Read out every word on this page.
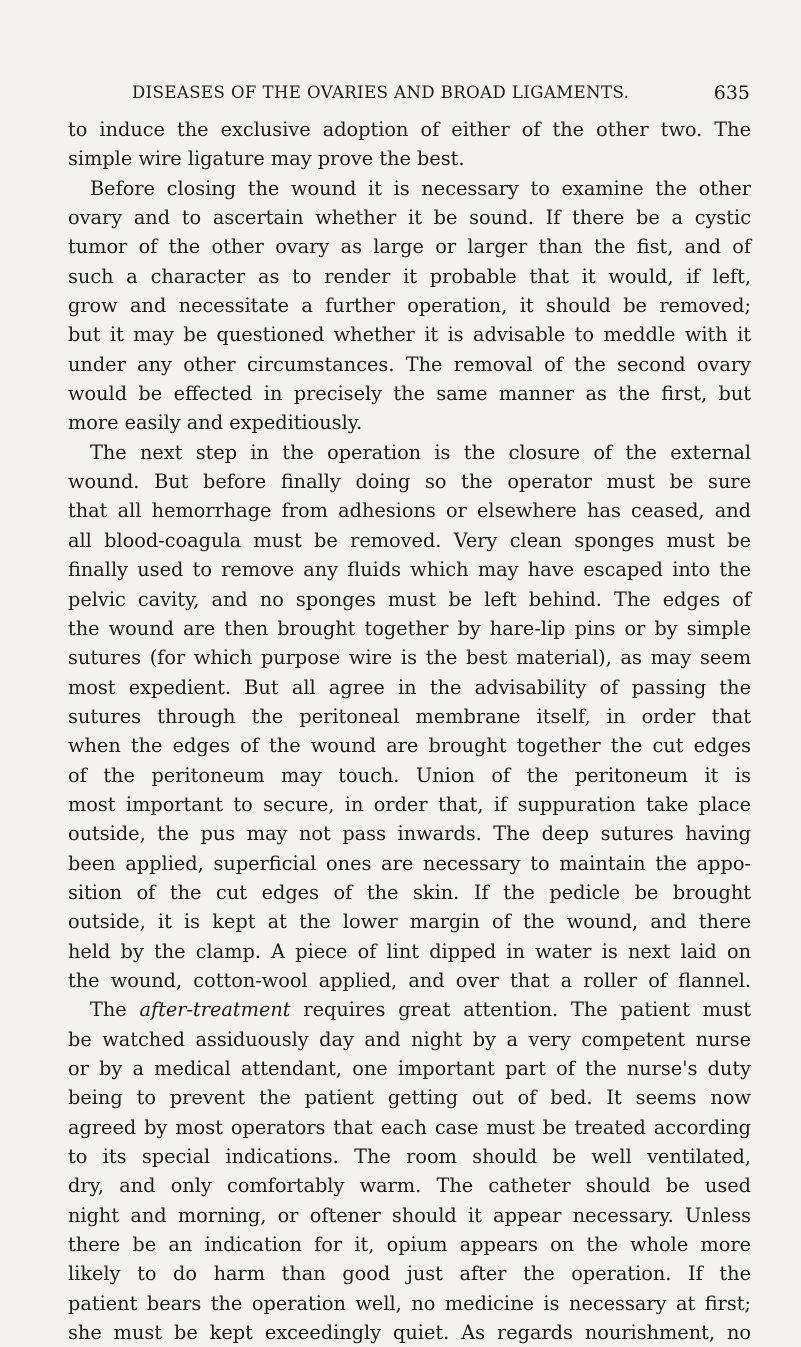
DISEASES OF THE OVARIES AND BROAD LIGAMENTS.	635
to induce the exclusive adoption of either of the other two. The
simple wire ligature may prove the best.
Before closing the wound it is necessary to examine the other
ovary and to ascertain whether it be sound. If there be a cystic
tumor of the other ovary as large or larger than the fist, and of
such a character as to render it probable that it would, if left,
grow and necessitate a further operation, it should be removed;
but it may be questioned whether it is advisable to meddle with it
under any other circumstances. The removal of the second ovary
would be effected in precisely the same manner as the first, but
more easily and expeditiously.
The next step in the operation is the closure of the external
wound. But before finally doing so the operator must be sure
that all hemorrhage from adhesions or elsewhere has ceased, and
all blood-coagula must be removed. Very clean sponges must be
finally used to remove any fluids which may have escaped into the
pelvic cavity, and no sponges must be left behind. The edges of
the wound are then brought together by hare-lip pins or by simple
sutures (for which purpose wire is the best material), as may seem
most expedient. But all agree in the advisability of passing the
sutures through the peritoneal membrane itself, in order that
when the edges of the wound are brought together the cut edges
of the peritoneum may touch. Union of the peritoneum it is
most important to secure, in order that, if suppuration take place
outside, the pus may not pass inwards. The deep sutures having
been applied, superficial ones are necessary to maintain the appo-
sition of the cut edges of the skin. If the pedicle be brought
outside, it is kept at the lower margin of the wound, and there
held by the clamp. A piece of lint dipped in water is next laid on
the wound, cotton-wool applied, and over that a roller of flannel.
The after-treatment requires great attention. The patient must
be watched assiduously day and night by a very competent nurse
or by a medical attendant, one important part of the nurse's duty
being to prevent the patient getting out of bed. It seems now
agreed by most operators that each case must be treated according
to its special indications. The room should be well ventilated,
dry, and only comfortably warm. The catheter should be used
night and morning, or oftener should it appear necessary. Unless
there be an indication for it, opium appears on the whole more
likely to do harm than good just after the operation. If the
patient bears the operation well, no medicine is necessary at first;
she must be kept exceedingly quiet. As regards nourishment, no
